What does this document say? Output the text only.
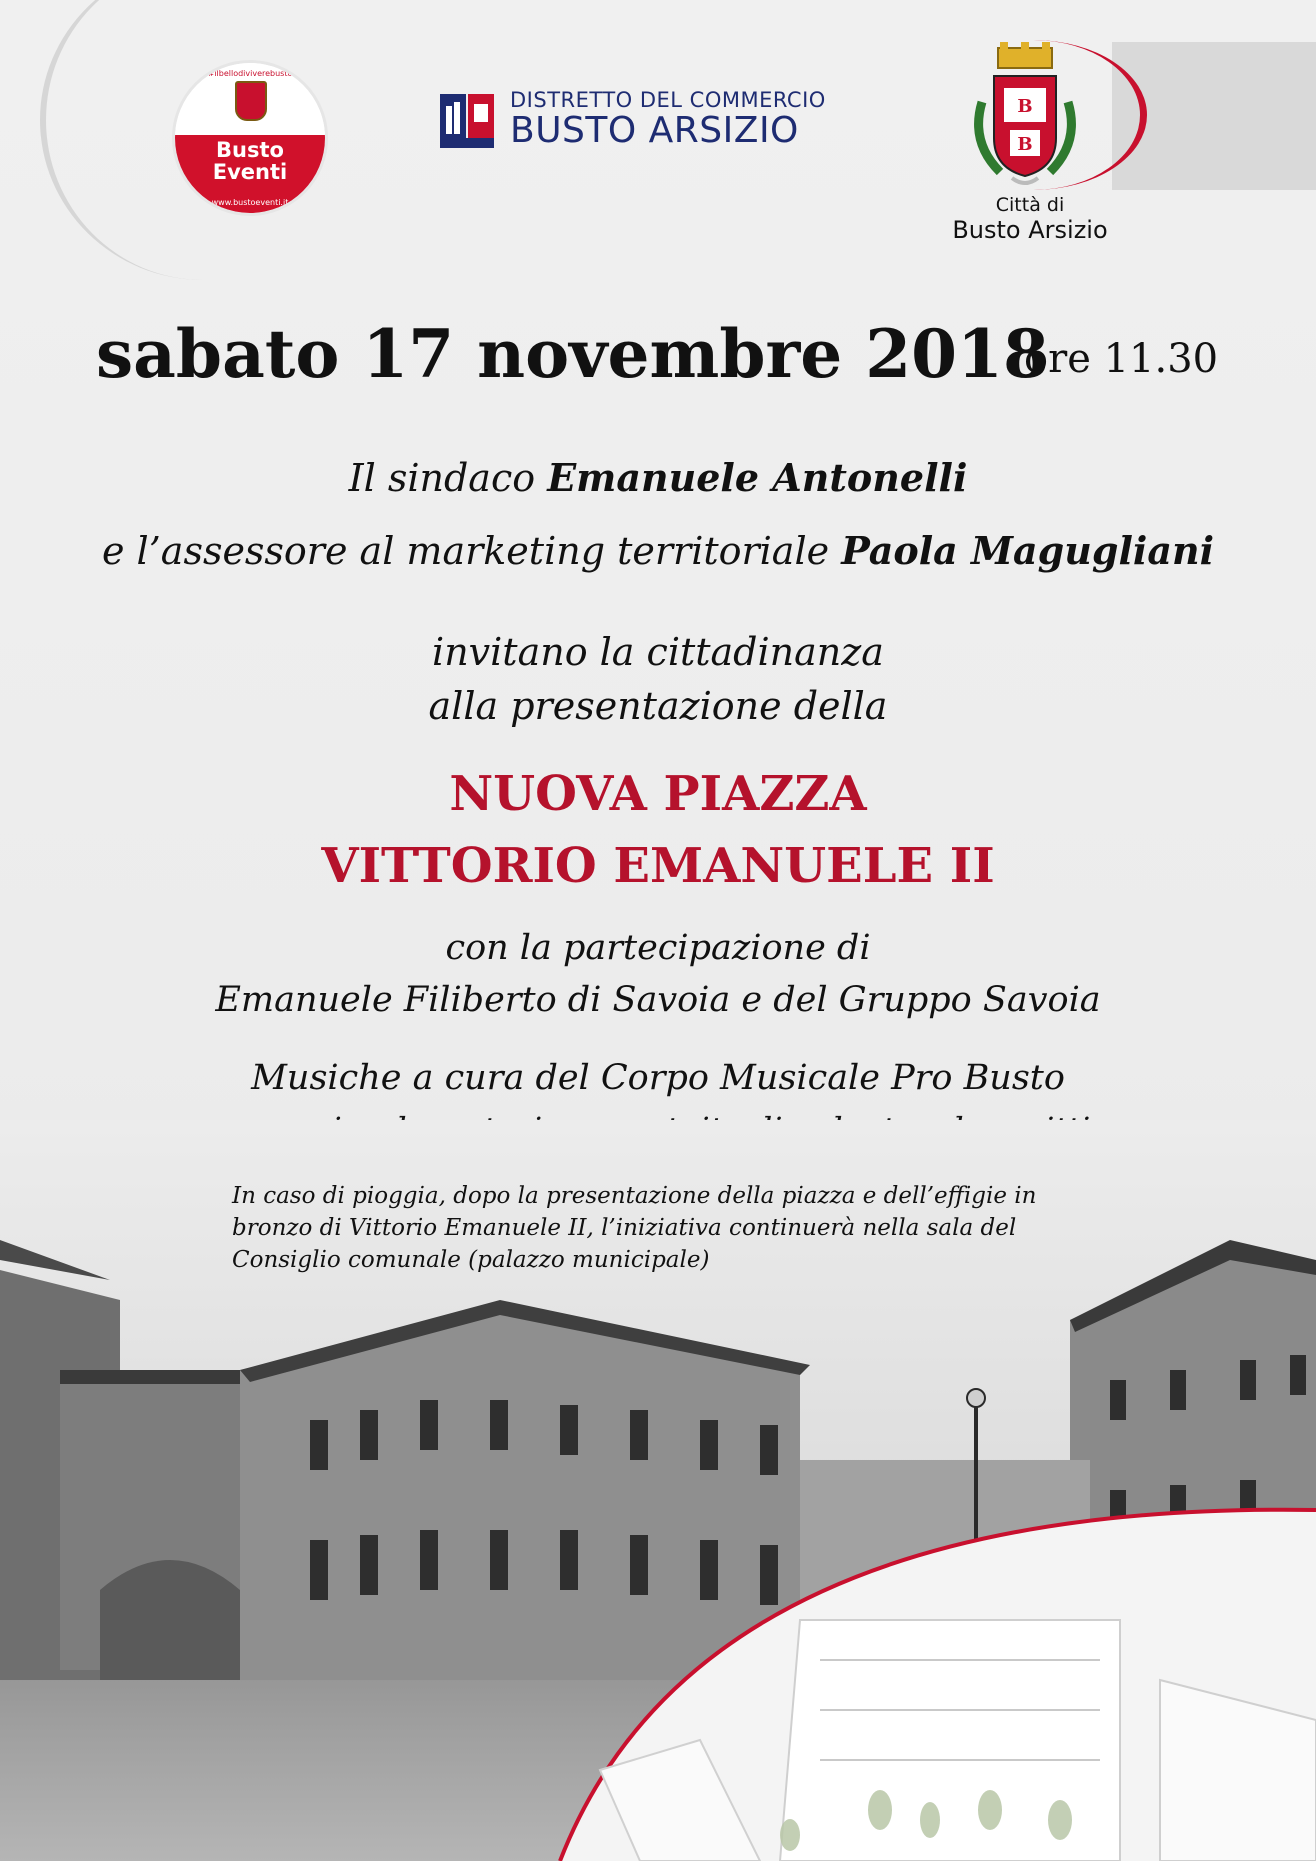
#ilbellodiviverebusto
Busto
Eventi
www.bustoeventi.it
DISTRETTO DEL COMMERCIO
BUSTO ARSIZIO
B
B
Città di
Busto Arsizio
sabato 17 novembre 2018
ore 11.30
Il sindaco Emanuele Antonelli
e l’assessore al marketing territoriale Paola Magugliani
invitano la cittadinanza
alla presentazione della
NUOVA PIAZZA
VITTORIO EMANUELE II
con la partecipazione di
Emanuele Filiberto di Savoia e del Gruppo Savoia
Musiche a cura del Corpo Musicale Pro Busto
In caso di pioggia, dopo la presentazione della piazza e dell’effigie in
bronzo di Vittorio Emanuele II, l’iniziativa continuerà nella sala del
Consiglio comunale (palazzo municipale)
